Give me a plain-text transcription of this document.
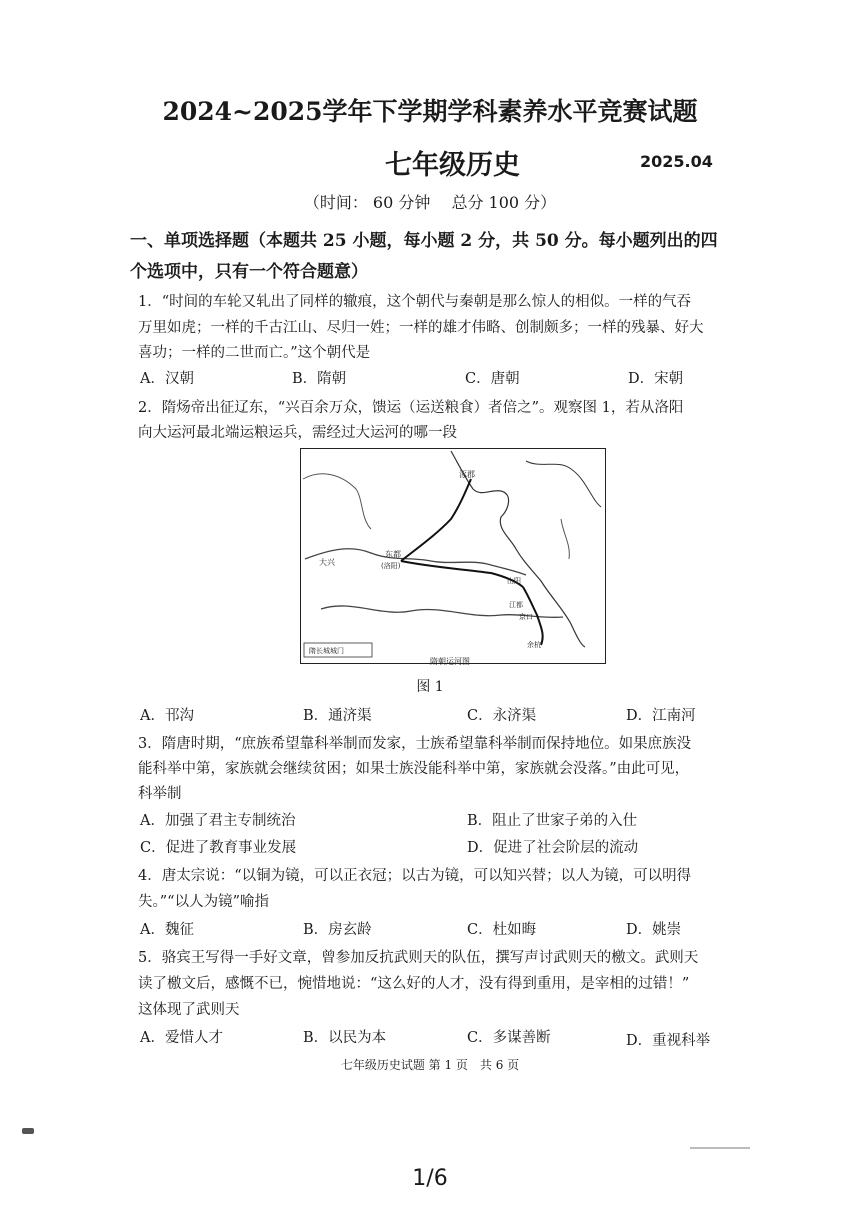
2024~2025学年下学期学科素养水平竞赛试题
七年级历史	2025.04
（时间： 60 分钟 　总分 100 分）
一、单项选择题（本题共 25 小题，每小题 2 分，共 50 分。每小题列出的四
个选项中，只有一个符合题意）
1．“时间的车轮又轧出了同样的辙痕，这个朝代与秦朝是那么惊人的相似。一样的气吞
万里如虎；一样的千古江山、尽归一姓；一样的雄才伟略、创制颇多；一样的残暴、好大
喜功；一样的二世而亡。”这个朝代是
A．汉朝	B．隋朝	C．唐朝	D．宋朝
2．隋炀帝出征辽东，“兴百余万众，馈运（运送粮食）者倍之”。观察图 1，若从洛阳
向大运河最北端运粮运兵，需经过大运河的哪一段
涿郡
大兴
东都
(洛阳)
山阳
江都
京口
余杭
隋长城城门
隋朝运河图
图 1
A．邗沟	B．通济渠	C．永济渠	D．江南河
3．隋唐时期，“庶族希望靠科举制而发家，士族希望靠科举制而保持地位。如果庶族没
能科举中第，家族就会继续贫困；如果士族没能科举中第，家族就会没落。”由此可见，
科举制
A．加强了君主专制统治	B．阻止了世家子弟的入仕
C．促进了教育事业发展	D．促进了社会阶层的流动
4．唐太宗说：“以铜为镜，可以正衣冠；以古为镜，可以知兴替；以人为镜，可以明得
失。”“以人为镜”喻指
A．魏征	B．房玄龄	C．杜如晦	D．姚崇
5．骆宾王写得一手好文章，曾参加反抗武则天的队伍，撰写声讨武则天的檄文。武则天
读了檄文后，感慨不已，惋惜地说：“这么好的人才，没有得到重用，是宰相的过错！”
这体现了武则天
A．爱惜人才	B．以民为本	C．多谋善断	D．重视科举
七年级历史试题 第 1 页　共 6 页
1/6
